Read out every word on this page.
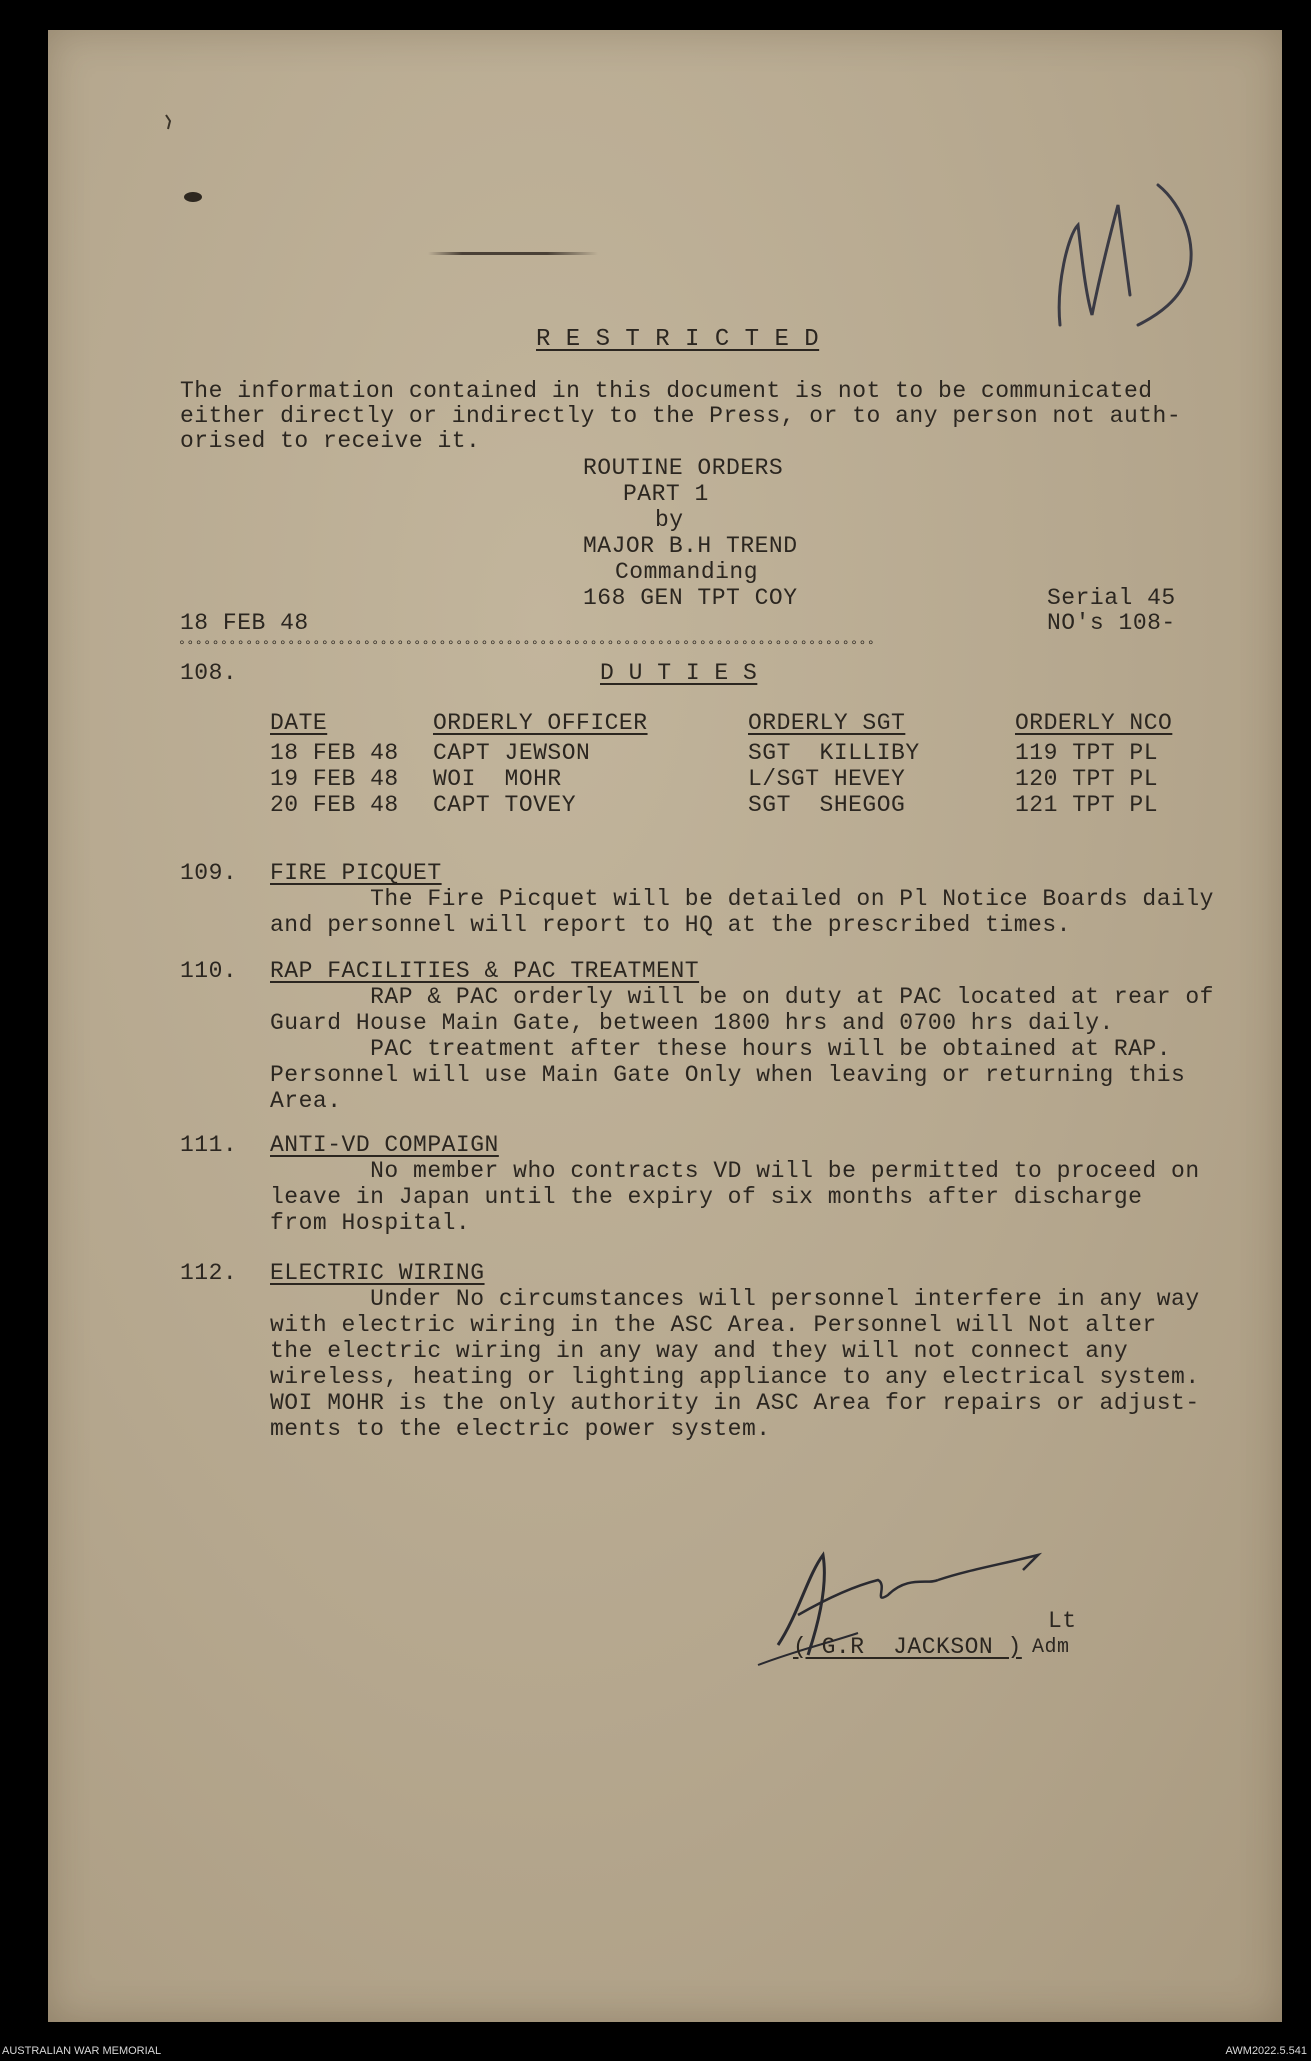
R E S T R I C T E D
The information contained in this document is not to be communicated
either directly or indirectly to the Press, or to any person not auth-
orised to receive it.
ROUTINE ORDERS
PART 1
by
MAJOR B.H TREND
Commanding
168 GEN TPT COY	Serial 45
18 FEB 48	NO's 108-
°°°°°°°°°°°°°°°°°°°°°°°°°°°°°°°°°°°°°°°°°°°°°°°°°°°°°°°°°°°°°°°°°°°°°°°°°°°°°°°°°°°
108.	D U T I E S
DATE	ORDERLY OFFICER	ORDERLY SGT	ORDERLY NCO
18 FEB 48 CAPT JEWSON	SGT  KILLIBY	119 TPT PL
19 FEB 48 WOI  MOHR	L/SGT HEVEY	120 TPT PL
20 FEB 48 CAPT TOVEY	SGT  SHEGOG	121 TPT PL
109. FIRE PICQUET
The Fire Picquet will be detailed on Pl Notice Boards daily
and personnel will report to HQ at the prescribed times.
110. RAP FACILITIES & PAC TREATMENT
RAP & PAC orderly will be on duty at PAC located at rear of
Guard House Main Gate, between 1800 hrs and 0700 hrs daily.
PAC treatment after these hours will be obtained at RAP.
Personnel will use Main Gate Only when leaving or returning this
Area.
111. ANTI-VD COMPAIGN
No member who contracts VD will be permitted to proceed on
leave in Japan until the expiry of six months after discharge
from Hospital.
112. ELECTRIC WIRING
Under No circumstances will personnel interfere in any way
with electric wiring in the ASC Area. Personnel will Not alter
the electric wiring in any way and they will not connect any
wireless, heating or lighting appliance to any electrical system.
WOI MOHR is the only authority in ASC Area for repairs or adjust-
ments to the electric power system.
Lt
( G.R  JACKSON ) Adm
AUSTRALIAN WAR MEMORIAL	AWM2022.5.541
